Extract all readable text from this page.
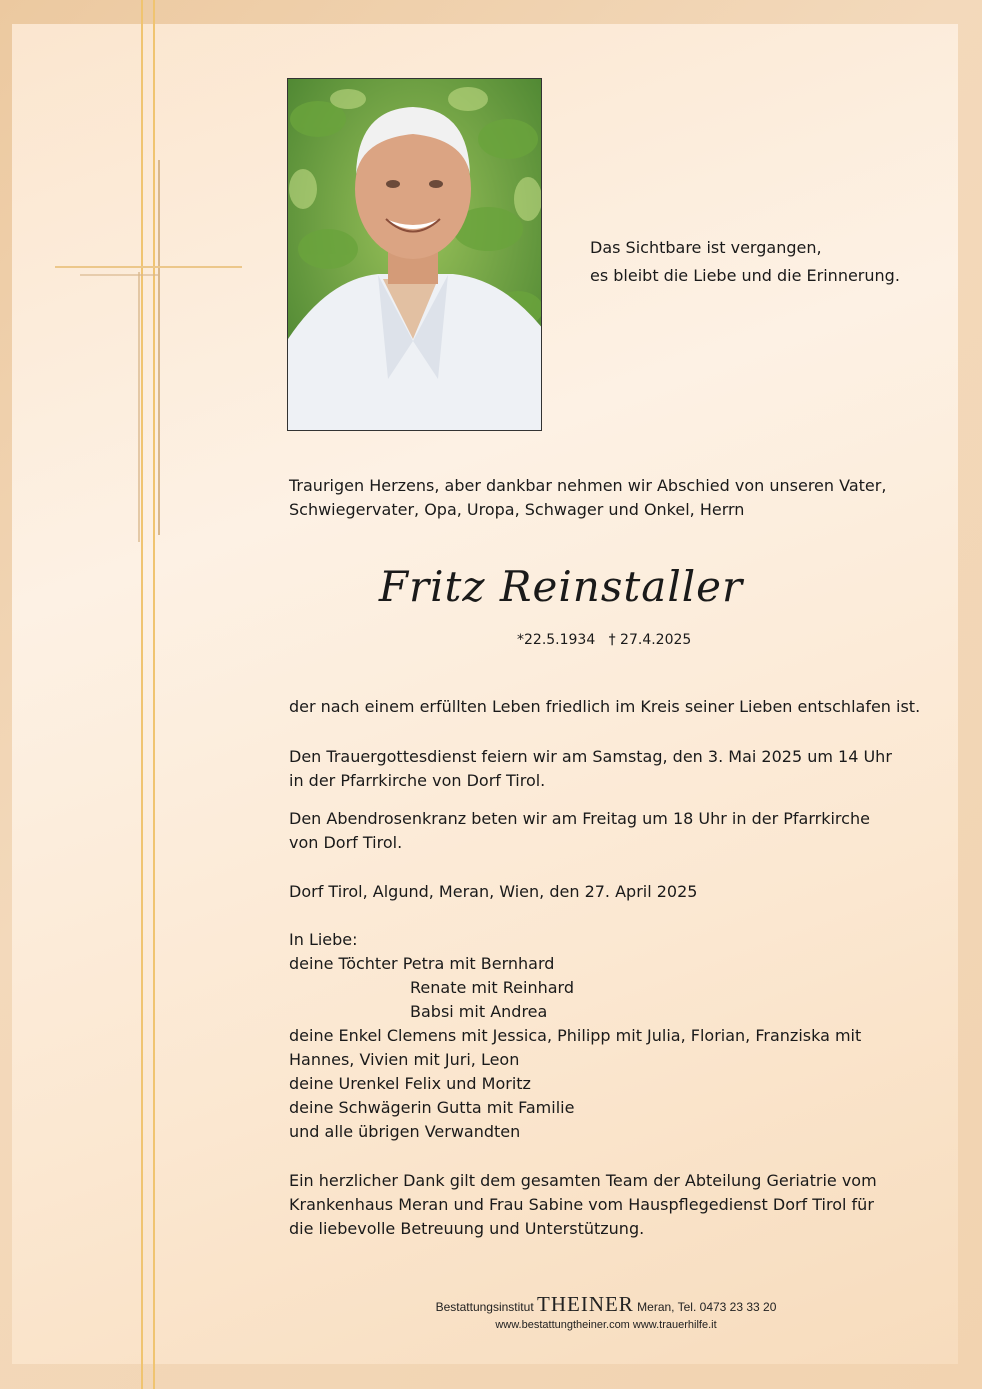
Das Sichtbare ist vergangen,
es bleibt die Liebe und die Erinnerung.
Traurigen Herzens, aber dankbar nehmen wir Abschied von unseren Vater,
Schwiegervater, Opa, Uropa, Schwager und Onkel, Herrn
Fritz Reinstaller
*22.5.1934   † 27.4.2025
der nach einem erfüllten Leben friedlich im Kreis seiner Lieben entschlafen ist.
Den Trauergottesdienst feiern wir am Samstag, den 3. Mai 2025 um 14 Uhr
in der Pfarrkirche von Dorf Tirol.
Den Abendrosenkranz beten wir am Freitag um 18 Uhr in der Pfarrkirche
von Dorf Tirol.
Dorf Tirol, Algund, Meran, Wien, den 27. April 2025
In Liebe:
deine Töchter Petra mit Bernhard
Renate mit Reinhard
Babsi mit Andrea
deine Enkel Clemens mit Jessica, Philipp mit Julia, Florian, Franziska mit
Hannes, Vivien mit Juri, Leon
deine Urenkel Felix und Moritz
deine Schwägerin Gutta mit Familie
und alle übrigen Verwandten
Ein herzlicher Dank gilt dem gesamten Team der Abteilung Geriatrie vom
Krankenhaus Meran und Frau Sabine vom Hauspflegedienst Dorf Tirol für
die liebevolle Betreuung und Unterstützung.
Bestattungsinstitut THEINER Meran, Tel. 0473 23 33 20
www.bestattungtheiner.com www.trauerhilfe.it
